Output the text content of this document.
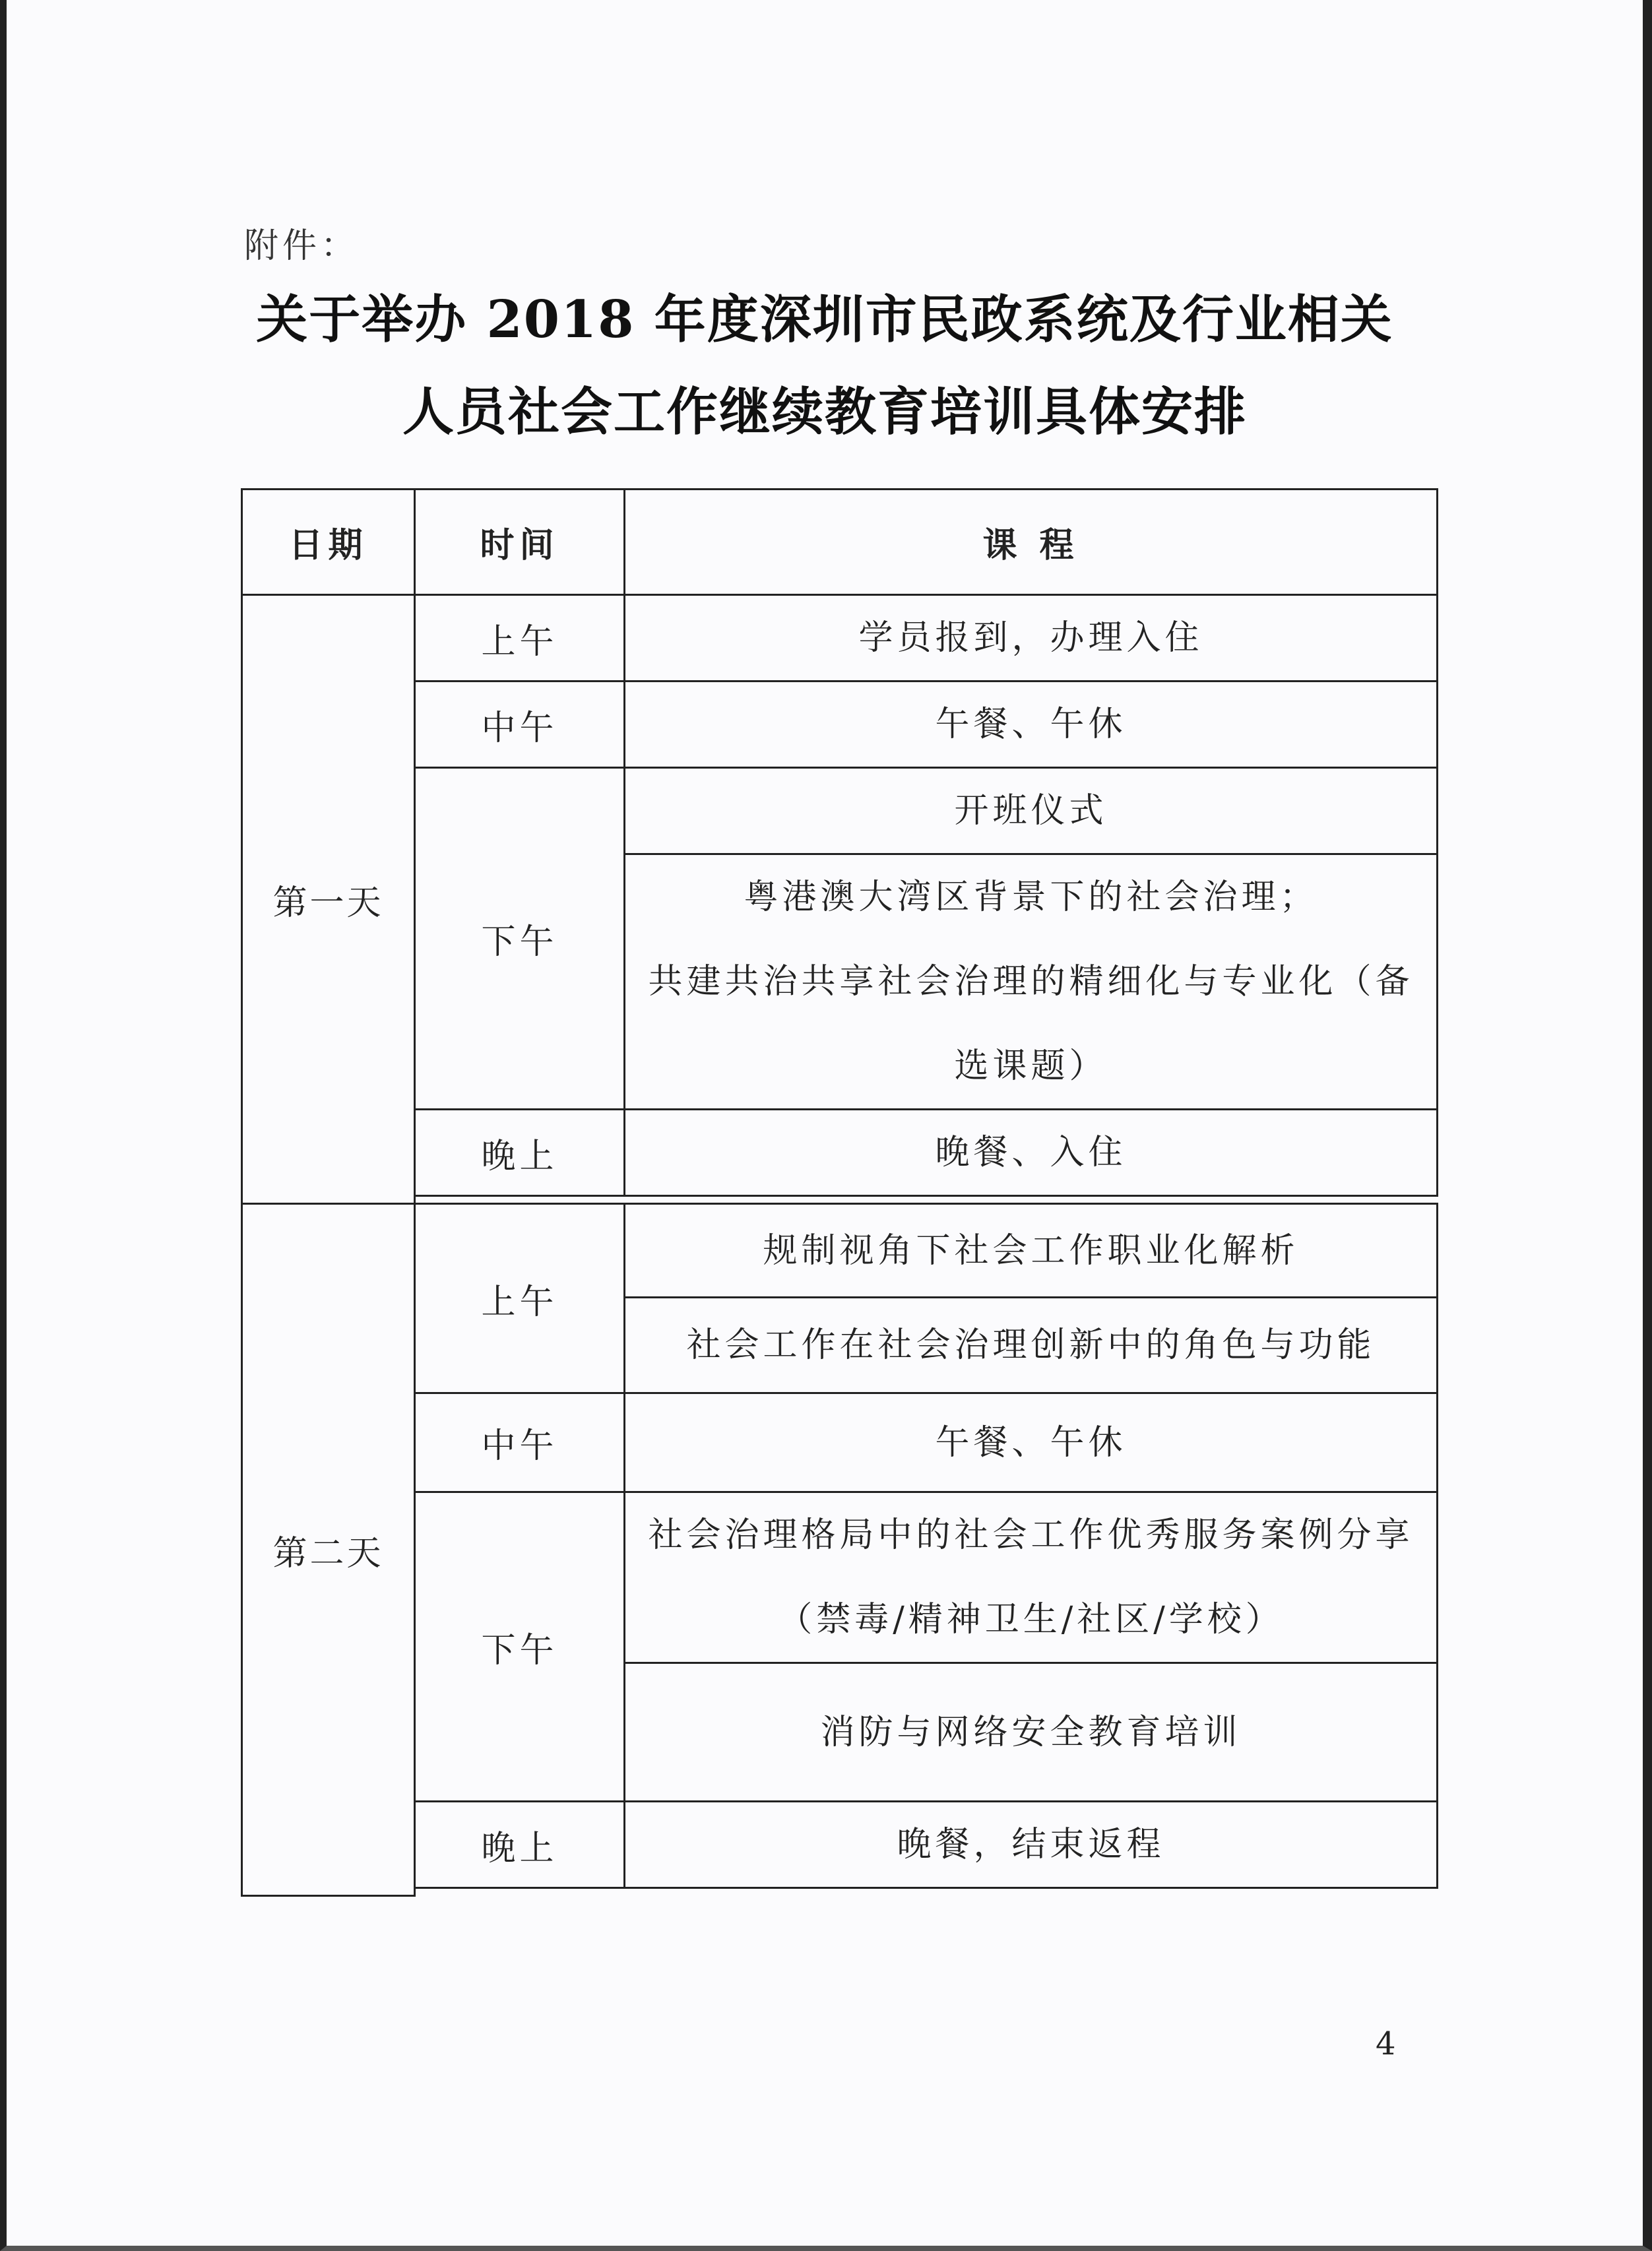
附件：
关于举办 2018 年度深圳市民政系统及行业相关
人员社会工作继续教育培训具体安排
日期	时间	课 程
第一天	上午	学员报到，办理入住
	中午	午餐、午休
	下午	开班仪式
		粤港澳大湾区背景下的社会治理；
共建共治共享社会治理的精细化与专业化（备选课题）
	晚上	晚餐、入住

第二天	上午	规制视角下社会工作职业化解析
		社会工作在社会治理创新中的角色与功能
	中午	午餐、午休
	下午	社会治理格局中的社会工作优秀服务案例分享（禁毒/精神卫生/社区/学校）
		消防与网络安全教育培训
	晚上	晚餐，结束返程

4
